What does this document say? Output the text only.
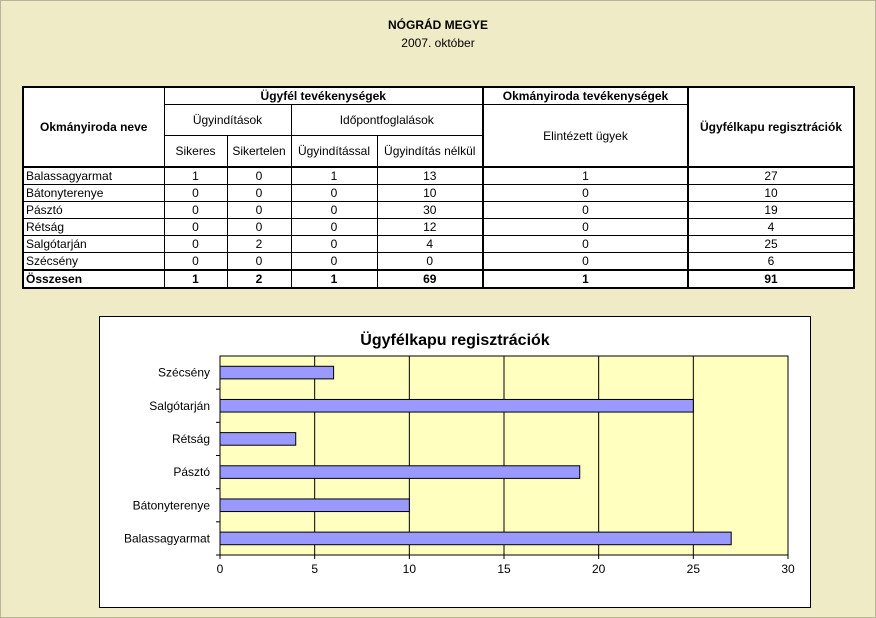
NÓGRÁD MEGYE
2007. október
Okmányiroda neve	Ügyfél tevékenységek				Okmányiroda tevékenységek	Ügyfélkapu regisztrációk
	Ügyindítások		Időpontfoglalások		Elintézett ügyek	
	Sikeres	Sikertelen	Ügyindítással	Ügyindítás nélkül		
Balassagyarmat	1	0	1	13	1	27
Bátonyterenye	0	0	0	10	0	10
Pásztó	0	0	0	30	0	19
Rétság	0	0	0	12	0	4
Salgótarján	0	2	0	4	0	25
Szécsény	0	0	0	0	0	6
Összesen	1	2	1	69	1	91
Ügyfélkapu regisztrációk
0	5	10	15	20	25	30
Balassagyarmat
Bátonyterenye
Pásztó
Rétság
Salgótarján
Szécsény
